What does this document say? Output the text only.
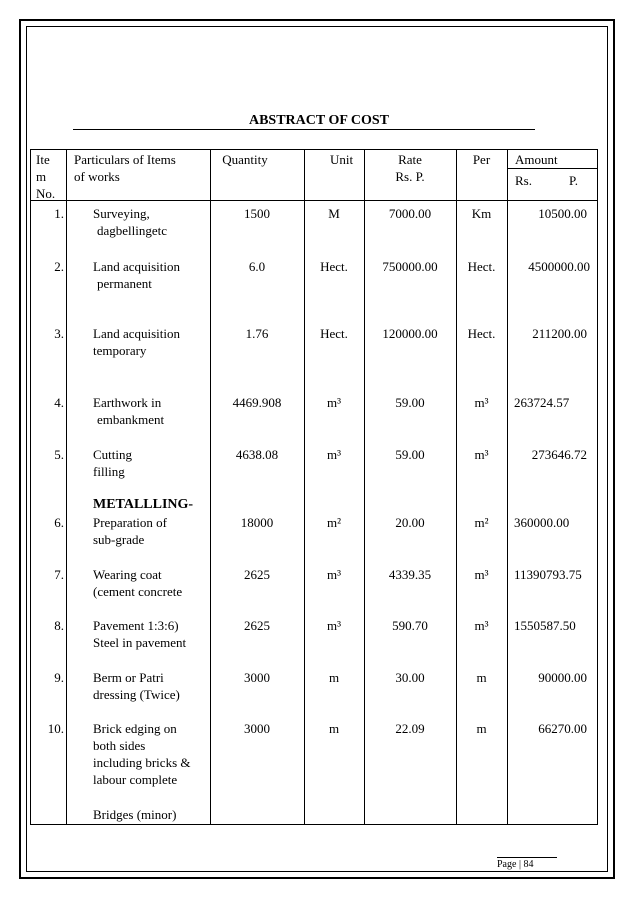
ABSTRACT OF COST
Ite
m
No.
Particulars of Items
of works
Quantity	Unit	Rate
Rs. P.
Per	Amount
Rs.	P.
1. Surveying,
dagbellingetc
1500	M	7000.00	Km	10500.00
2. Land acquisition
permanent
6.0	Hect.	750000.00	Hect.	4500000.00
3. Land acquisition
temporary
1.76	Hect.	120000.00	Hect.	211200.00
4. Earthwork in
embankment
4469.908	m³	59.00	m³	263724.57
5. Cutting
filling
4638.08	m³	59.00	m³	273646.72
METALLLING-
6. Preparation of
sub-grade
18000	m²	20.00	m²	360000.00
7. Wearing coat
(cement concrete
2625	m³	4339.35	m³	11390793.75
8. Pavement 1:3:6)
Steel in pavement
2625	m³	590.70	m³	1550587.50
9. Berm or Patri
dressing (Twice)
3000	m	30.00	m	90000.00
10. Brick edging on
both sides
including bricks &
labour complete
3000	m	22.09	m	66270.00
Bridges (minor)
Page | 84
